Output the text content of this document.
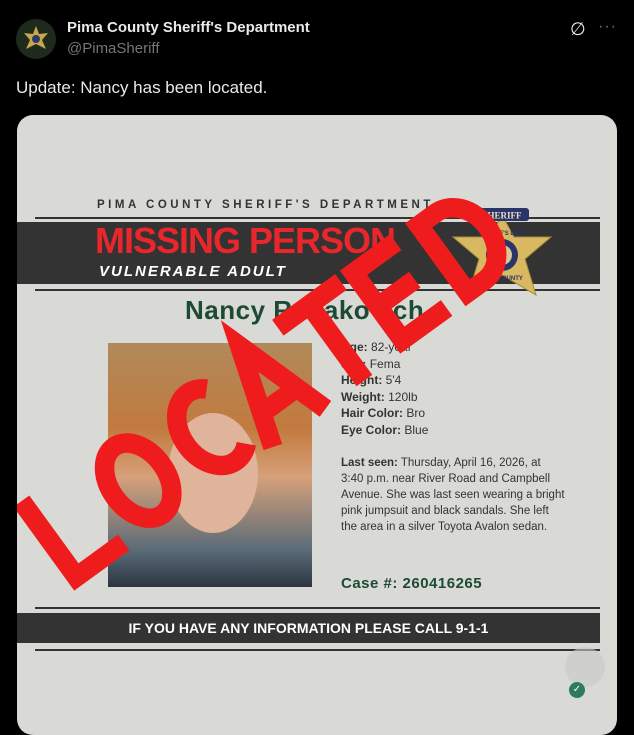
Pima County Sheriff's Department
@PimaSheriff
∅ ···
Update: Nancy has been located.
PIMA COUNTY SHERIFF'S DEPARTMENT
MISSING PERSON
VULNERABLE ADULT
SHERIFF
SHERIFF'S DEPT
PIMA COUNTY
Nancy Radakovich
Age: 82-year
Sex: Fema
Height: 5'4
Weight: 120lb
Hair Color: Bro
Eye Color: Blue
Last seen: Thursday, April 16, 2026, at 3:40 p.m. near River Road and Campbell Avenue. She was last seen wearing a bright pink jumpsuit and black sandals. She left the area in a silver Toyota Avalon sedan.
Case #: 260416265
IF YOU HAVE ANY INFORMATION PLEASE CALL 9-1-1
✓
